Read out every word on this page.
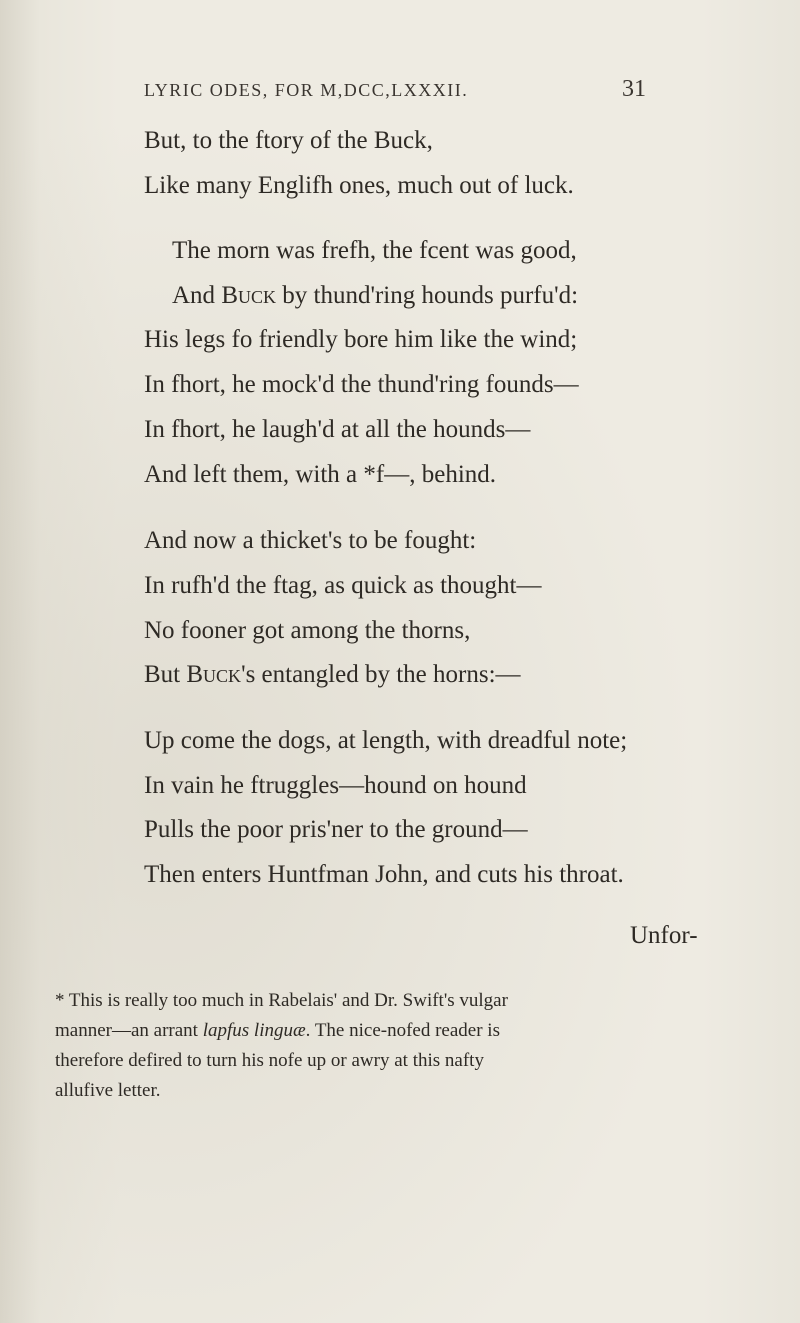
LYRIC ODES, FOR M,DCC,LXXXII.	31
But, to the ftory of the Buck,
Like many Englifh ones, much out of luck.
The morn was frefh, the fcent was good,
And Buck by thund'ring hounds purfu'd:
His legs fo friendly bore him like the wind;
In fhort, he mock'd the thund'ring founds—
In fhort, he laugh'd at all the hounds—
And left them, with a *f—, behind.
And now a thicket's to be fought:
In rufh'd the ftag, as quick as thought—
No fooner got among the thorns,
But Buck's entangled by the horns:—
Up come the dogs, at length, with dreadful note;
In vain he ftruggles—hound on hound
Pulls the poor pris'ner to the ground—
Then enters Huntfman John, and cuts his throat.
Unfor-
* This is really too much in Rabelais' and Dr. Swift's vulgar
manner—an arrant lapfus linguæ. The nice-nofed reader is
therefore defired to turn his nofe up or awry at this nafty
allufive letter.
